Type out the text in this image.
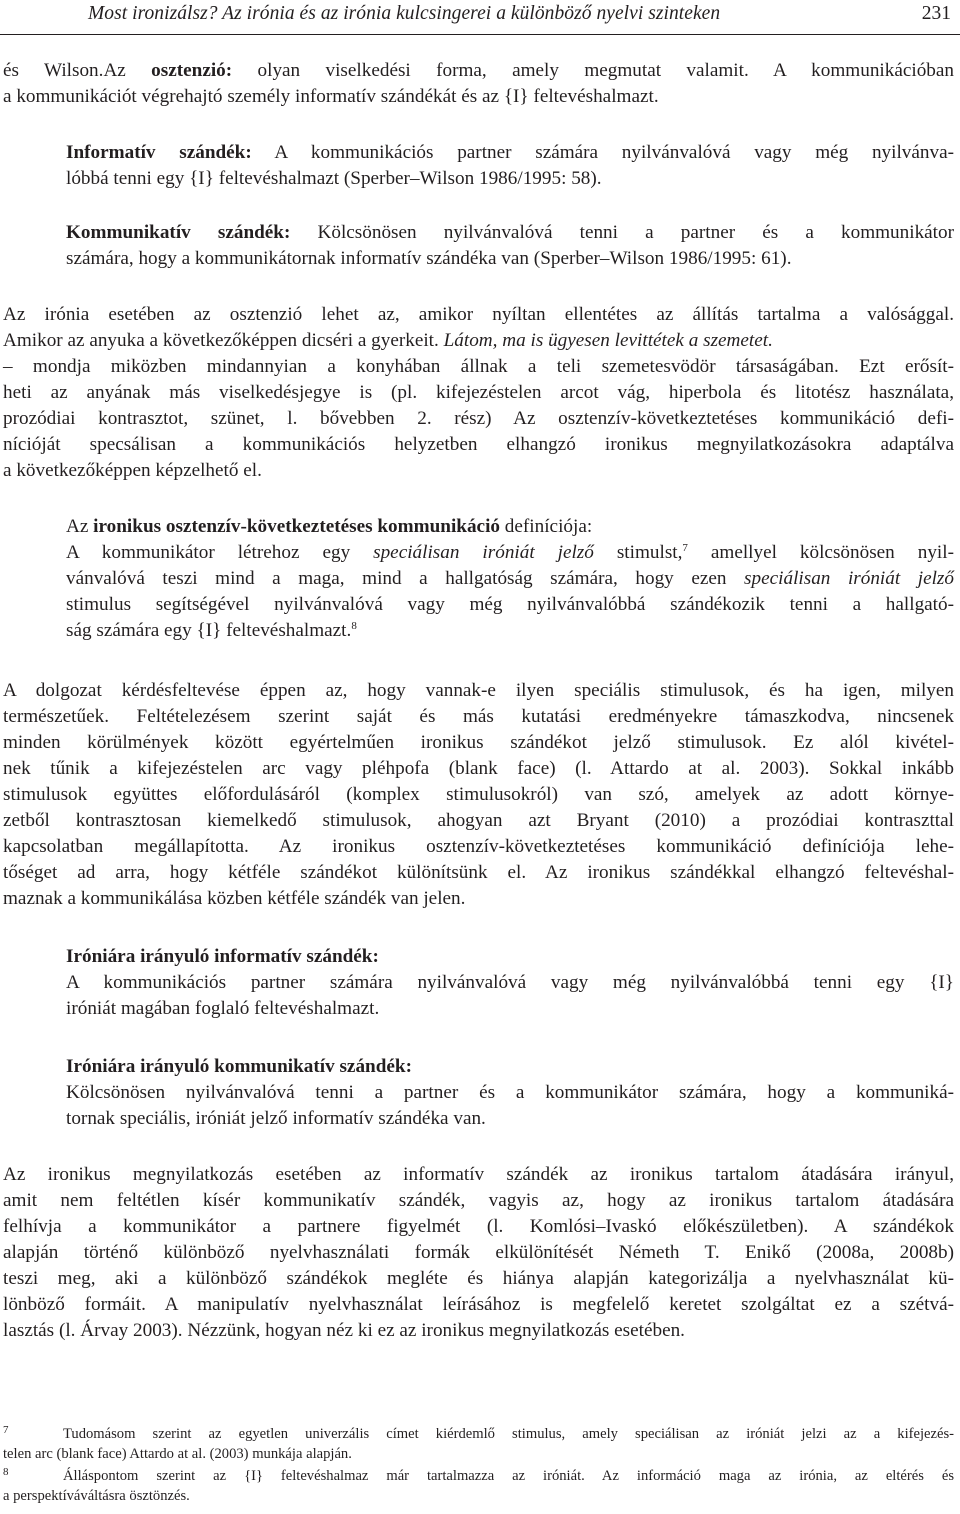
Most ironizálsz? Az irónia és az irónia kulcsingerei a különböző nyelvi szinteken	231

és Wilson.Az osztenzió: olyan viselkedési forma, amely megmutat valamit. A kommunikációban

a kommunikációt végrehajtó személy informatív szándékát és az {I} feltevéshalmazt.

Informatív szándék: A kommunikációs partner számára nyilvánvalóvá vagy még nyilvánva-

lóbbá tenni egy {I} feltevéshalmazt (Sperber–Wilson 1986/1995: 58).

Kommunikatív szándék: Kölcsönösen nyilvánvalóvá tenni a partner és a kommunikátor

számára, hogy a kommunikátornak informatív szándéka van (Sperber–Wilson 1986/1995: 61).

Az irónia esetében az osztenzió lehet az, amikor nyíltan ellentétes az állítás tartalma a valósággal.

Amikor az anyuka a következőképpen dicséri a gyerkeit. Látom, ma is ügyesen levittétek a szemetet.

– mondja miközben mindannyian a konyhában állnak a teli szemetesvödör társaságában. Ezt erősít-

heti az anyának más viselkedésjegye is (pl. kifejezéstelen arcot vág, hiperbola és litotész használata,

prozódiai kontrasztot, szünet, l. bővebben 2. rész) Az osztenzív-következtetéses kommunikáció defi-

nícióját specsálisan a kommunikációs helyzetben elhangzó ironikus megnyilatkozásokra adaptálva

a következőképpen képzelhető el.

Az ironikus osztenzív-következtetéses kommunikáció definíciója:

A kommunikátor létrehoz egy speciálisan iróniát jelző stimulst,$^7$ amellyel kölcsönösen nyil-

vánvalóvá teszi mind a maga, mind a hallgatóság számára, hogy ezen speciálisan iróniát jelző

stimulus segítségével nyilvánvalóvá vagy még nyilvánvalóbbá szándékozik tenni a hallgató-

ság számára egy {I} feltevéshalmazt.$^8$

A dolgozat kérdésfeltevése éppen az, hogy vannak-e ilyen speciális stimulusok, és ha igen, milyen

természetűek. Feltételezésem szerint saját és más kutatási eredményekre támaszkodva, nincsenek

minden körülmények között egyértelműen ironikus szándékot jelző stimulusok. Ez alól kivétel-

nek tűnik a kifejezéstelen arc vagy pléhpofa (blank face) (l. Attardo at al. 2003). Sokkal inkább

stimulusok együttes előfordulásáról (komplex stimulusokról) van szó, amelyek az adott környe-

zetből kontrasztosan kiemelkedő stimulusok, ahogyan azt Bryant (2010) a prozódiai kontraszttal

kapcsolatban megállapította. Az ironikus osztenzív-következtetéses kommunikáció definíciója lehe-

tőséget ad arra, hogy kétféle szándékot különítsünk el. Az ironikus szándékkal elhangzó feltevéshal-

maznak a kommunikálása közben kétféle szándék van jelen.

Iróniára irányuló informatív szándék:

A kommunikációs partner számára nyilvánvalóvá vagy még nyilvánvalóbbá tenni egy {I}

iróniát magában foglaló feltevéshalmazt.

Iróniára irányuló kommunikatív szándék:

Kölcsönösen nyilvánvalóvá tenni a partner és a kommunikátor számára, hogy a kommuniká-

tornak speciális, iróniát jelző informatív szándéka van.

Az ironikus megnyilatkozás esetében az informatív szándék az ironikus tartalom átadására irányul,

amit nem feltétlen kísér kommunikatív szándék, vagyis az, hogy az ironikus tartalom átadására

felhívja a kommunikátor a partnere figyelmét (l. Komlósi–Ivaskó előkészületben). A szándékok

alapján történő különböző nyelvhasználati formák elkülönítését Németh T. Enikő (2008a, 2008b)

teszi meg, aki a különböző szándékok megléte és hiánya alapján kategorizálja a nyelvhasználat kü-

lönböző formáit. A manipulatív nyelvhasználat leírásához is megfelelő keretet szolgáltat ez a szétvá-

lasztás (l. Árvay 2003). Nézzünk, hogyan néz ki ez az ironikus megnyilatkozás esetében.

$^7$	Tudomásom szerint az egyetlen univerzális címet kiérdemlő stimulus, amely speciálisan az iróniát jelzi az a kifejezés-

telen arc (blank face) Attardo at al. (2003) munkája alapján.

$^8$	Álláspontom szerint az {I} feltevéshalmaz már tartalmazza az iróniát. Az információ maga az irónia, az eltérés és

a perspektíváváltásra ösztönzés.
